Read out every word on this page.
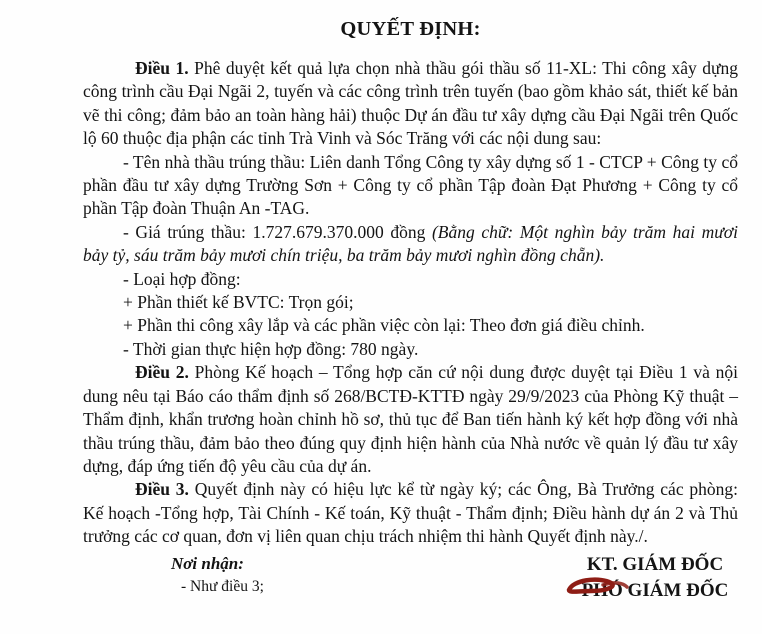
QUYẾT ĐỊNH:

Điều 1. Phê duyệt kết quả lựa chọn nhà thầu gói thầu số 11-XL: Thi công xây dựng công trình cầu Đại Ngãi 2, tuyến và các công trình trên tuyến (bao gồm khảo sát, thiết kế bản vẽ thi công; đảm bảo an toàn hàng hải) thuộc Dự án đầu tư xây dựng cầu Đại Ngãi trên Quốc lộ 60 thuộc địa phận các tỉnh Trà Vinh và Sóc Trăng với các nội dung sau:

- Tên nhà thầu trúng thầu: Liên danh Tổng Công ty xây dựng số 1 - CTCP + Công ty cổ phần đầu tư xây dựng Trường Sơn + Công ty cổ phần Tập đoàn Đạt Phương + Công ty cổ phần Tập đoàn Thuận An -TAG.

- Giá trúng thầu: 1.727.679.370.000 đồng (Bằng chữ: Một nghìn bảy trăm hai mươi bảy tỷ, sáu trăm bảy mươi chín triệu, ba trăm bảy mươi nghìn đồng chẵn).

- Loại hợp đồng:

+ Phần thiết kế BVTC: Trọn gói;

+ Phần thi công xây lắp và các phần việc còn lại: Theo đơn giá điều chỉnh.

- Thời gian thực hiện hợp đồng: 780 ngày.

Điều 2. Phòng Kế hoạch – Tổng hợp căn cứ nội dung được duyệt tại Điều 1 và nội dung nêu tại Báo cáo thẩm định số 268/BCTĐ-KTTĐ ngày 29/9/2023 của Phòng Kỹ thuật – Thẩm định, khẩn trương hoàn chỉnh hồ sơ, thủ tục để Ban tiến hành ký kết hợp đồng với nhà thầu trúng thầu, đảm bảo theo đúng quy định hiện hành của Nhà nước về quản lý đầu tư xây dựng, đáp ứng tiến độ yêu cầu của dự án.

Điều 3. Quyết định này có hiệu lực kể từ ngày ký; các Ông, Bà Trưởng các phòng: Kế hoạch -Tổng hợp, Tài Chính - Kế toán, Kỹ thuật - Thẩm định; Điều hành dự án 2 và Thủ trưởng các cơ quan, đơn vị liên quan chịu trách nhiệm thi hành Quyết định này./.

Nơi nhận:
- Như điều 3;
KT. GIÁM ĐỐC
PHÓ GIÁM ĐỐC
